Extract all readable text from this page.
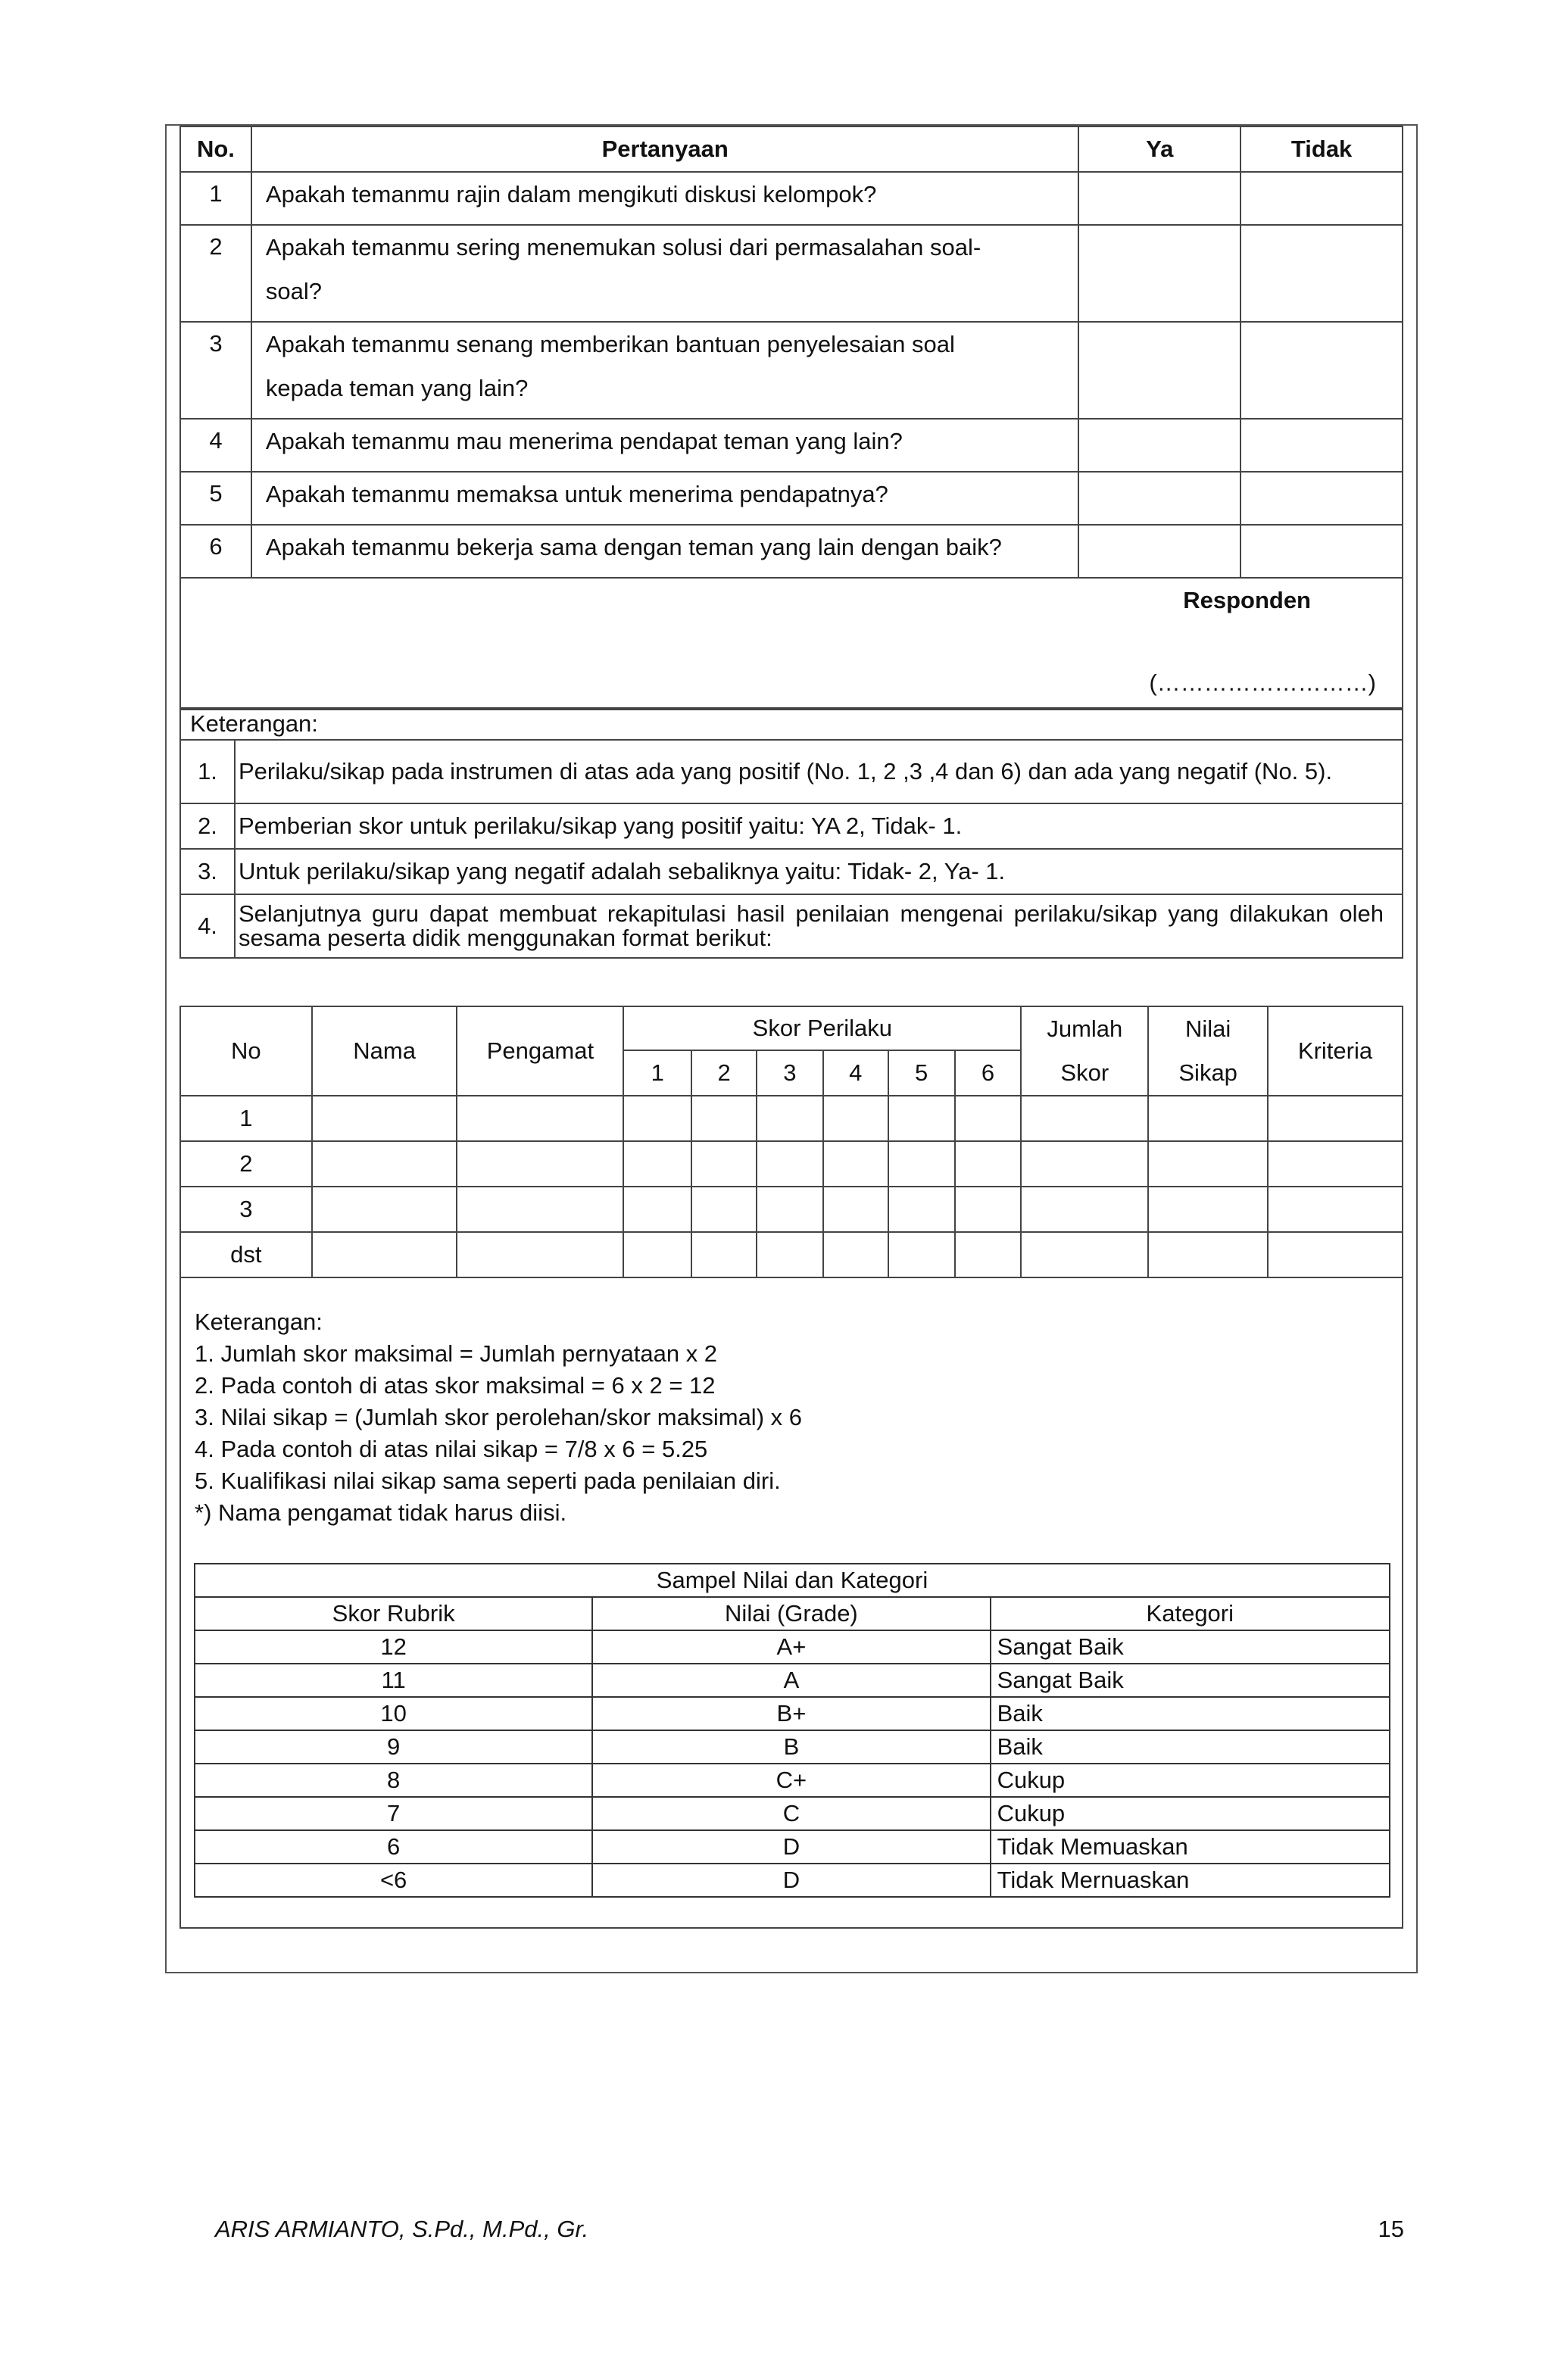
No.	Pertanyaan	Ya	Tidak
1	Apakah temanmu rajin dalam mengikuti diskusi kelompok?		

2	Apakah temanmu sering menemukan solusi dari permasalahan soal-
soal?		

3	Apakah temanmu senang memberikan bantuan penyelesaian soal
kepada teman yang lain?		

4	Apakah temanmu mau menerima pendapat teman yang lain?		

5	Apakah temanmu memaksa untuk menerima pendapatnya?		

6	Apakah temanmu bekerja sama dengan teman yang lain dengan baik?		

Responden
(………………………)			
Keterangan:	
1.	Perilaku/sikap pada instrumen di atas ada yang positif (No. 1, 2 ,3 ,4 dan 6) dan ada yang negatif (No. 5).
2.	Pemberian skor untuk perilaku/sikap yang positif yaitu: YA 2, Tidak- 1.
3.	Untuk perilaku/sikap yang negatif adalah sebaliknya yaitu: Tidak- 2, Ya- 1.
4.	Selanjutnya guru dapat membuat rekapitulasi hasil penilaian mengenai perilaku/sikap yang dilakukan oleh sesama peserta didik menggunakan format berikut:
No	Nama	Pengamat	Skor Perilaku						Jumlah	Nilai	Kriteria
			1	2	3	4	5	6	Skor	Sikap	
1											
2											
3											
dst											
Keterangan:
1. Jumlah skor maksimal = Jumlah pernyataan x 2
2. Pada contoh di atas skor maksimal = 6 x 2 = 12
3. Nilai sikap = (Jumlah skor perolehan/skor maksimal) x 6
4. Pada contoh di atas nilai sikap = 7/8 x 6 = 5.25
5. Kualifikasi nilai sikap sama seperti pada penilaian diri.
*) Nama pengamat tidak harus diisi.
Sampel Nilai dan Kategori		
Skor Rubrik	Nilai (Grade)	Kategori
12	A+	Sangat Baik
11	A	Sangat Baik
10	B+	Baik
9	B	Baik
8	C+	Cukup
7	C	Cukup
6	D	Tidak Memuaskan
<6	D	Tidak Mernuaskan
ARIS ARMIANTO, S.Pd., M.Pd., Gr.	15
